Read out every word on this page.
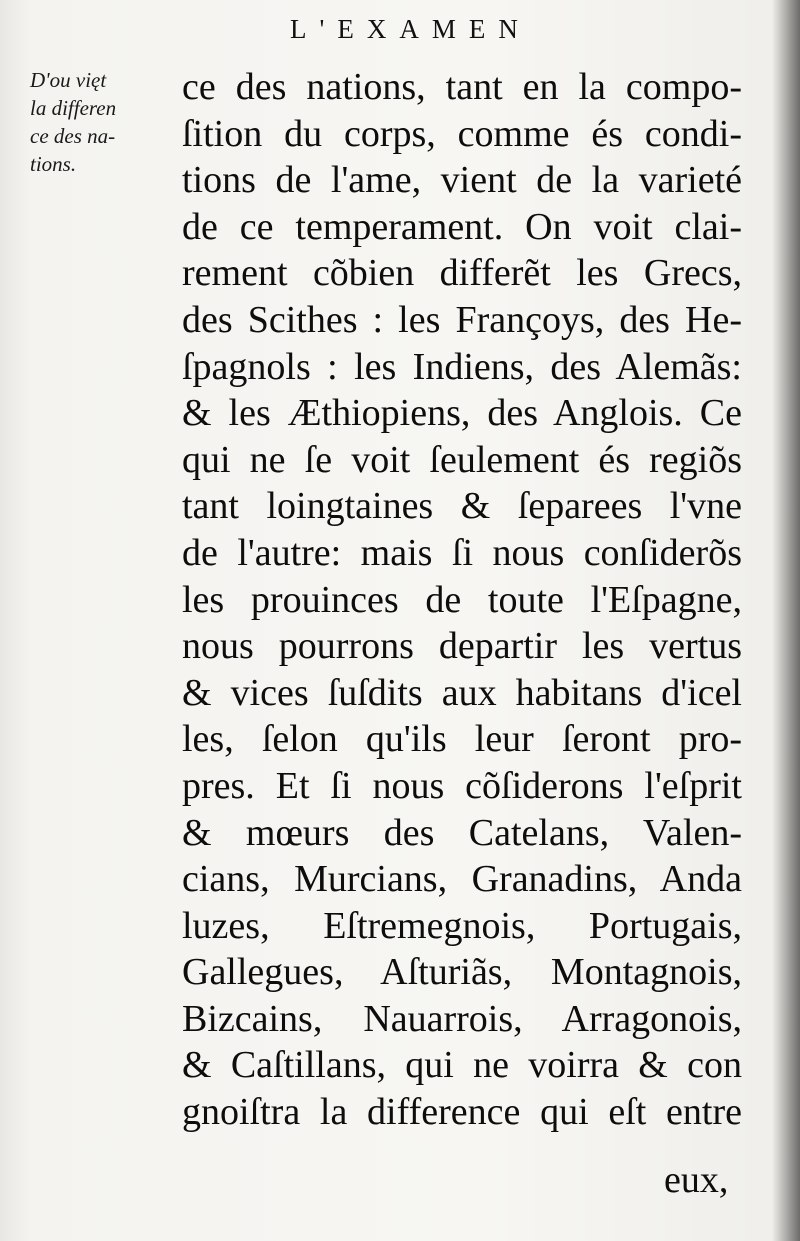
L'EXAMEN
D'ou vięt
la differen
ce des na-
tions.
ce des nations, tant en la compo-
ſition du corps, comme és condi-
tions de l'ame, vient de la varieté
de ce temperament. On voit clai-
rement cõbien differẽt les Grecs,
des Scithes : les Françoys, des He-
ſpagnols : les Indiens, des Alemãs:
& les Æthiopiens, des Anglois. Ce
qui ne ſe voit ſeulement és regiõs
tant loingtaines & ſeparees l'vne
de l'autre: mais ſi nous conſiderõs
les prouinces de toute l'Eſpagne,
nous pourrons departir les vertus
& vices ſuſdits aux habitans d'icel
les, ſelon qu'ils leur ſeront pro-
pres. Et ſi nous cõſiderons l'eſprit
& mœurs des Catelans, Valen-
cians, Murcians, Granadins, Anda
luzes, Eſtremegnois, Portugais,
Gallegues, Aſturiãs, Montagnois,
Bizcains, Nauarrois, Arragonois,
& Caſtillans, qui ne voirra & con
gnoiſtra la difference qui eſt entre
eux,
